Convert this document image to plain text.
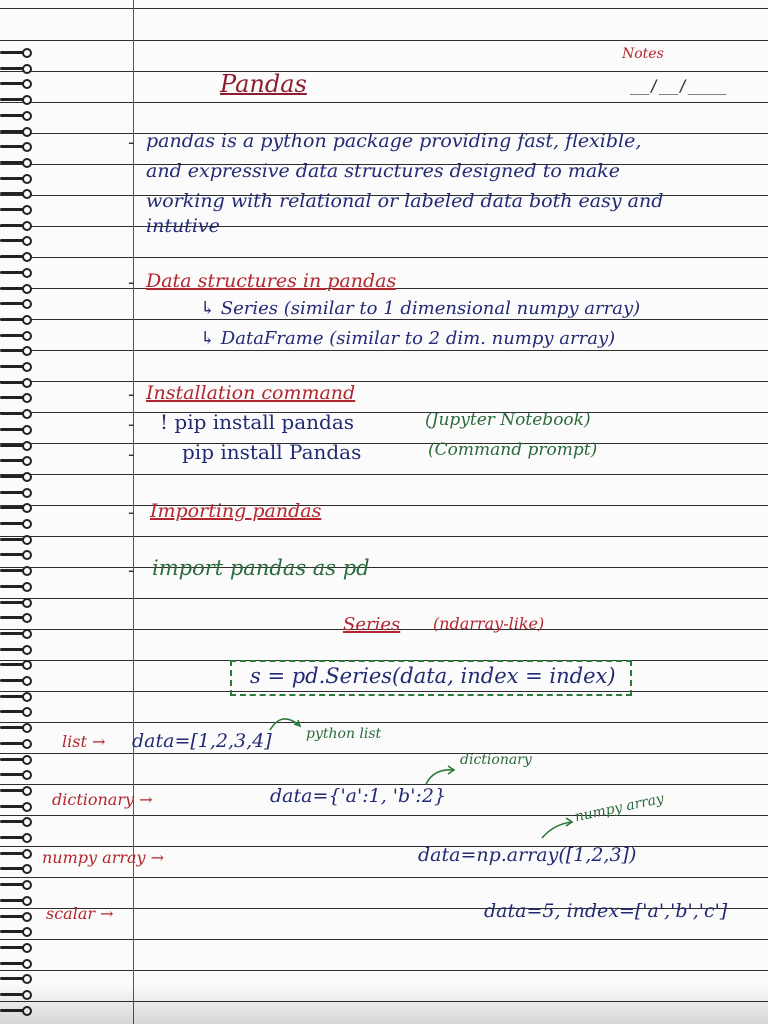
Notes
__/__/____
Pandas
- pandas is a python package providing fast, flexible,
and expressive data structures designed to make
working with relational or labeled data both easy and
intutive
- Data structures in pandas
↳ Series (similar to 1 dimensional numpy array)
↳ DataFrame (similar to 2 dim. numpy array)
- Installation command
- ! pip install pandas	(Jupyter Notebook)
- pip install Pandas	(Command prompt)
- Importing pandas
- import pandas as pd
Series (ndarray-like)
s = pd.Series(data, index = index)
list → data=[1,2,3,4] python list
dictionary →	data={'a':1, 'b':2}
dictionary
numpy array →	data=np.array([1,2,3])
numpy array
scalar →	data=5, index=['a','b','c']
